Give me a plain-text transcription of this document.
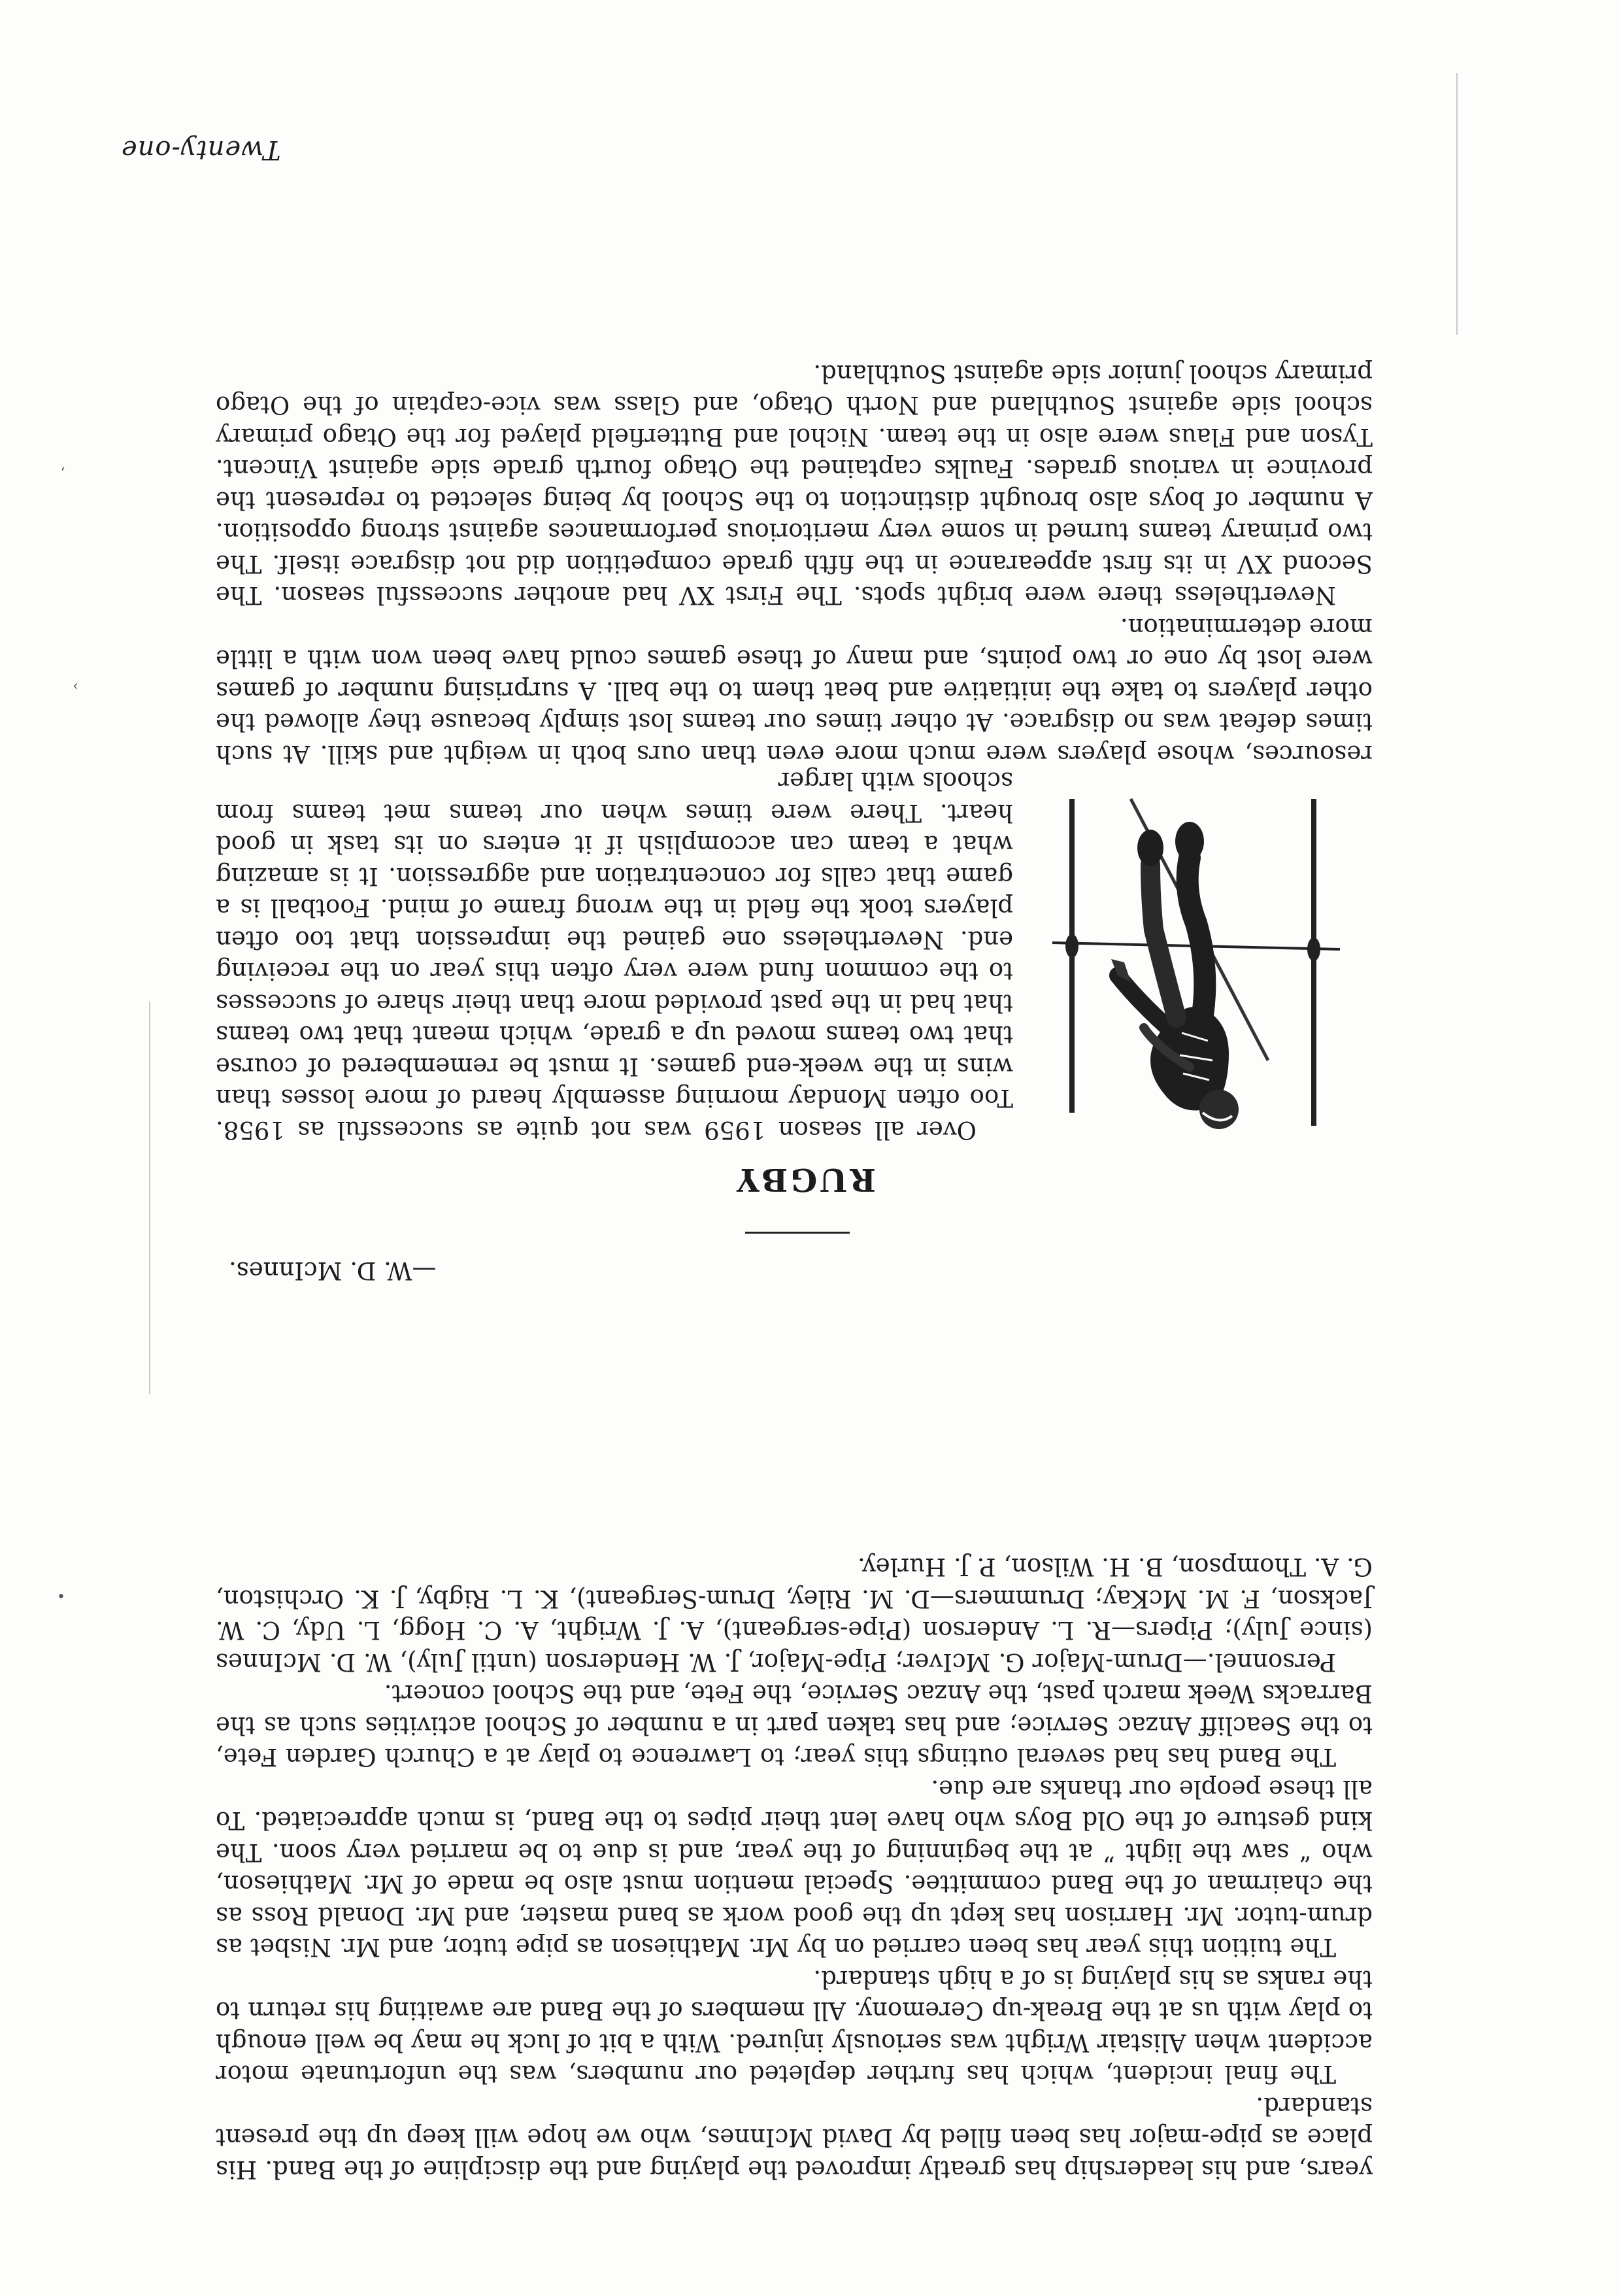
years, and his leadership has greatly improved the playing and the discipline of the Band. His place as pipe-major has been filled by David McInnes, who we hope will keep up the present standard.

The final incident, which has further depleted our numbers, was the unfortunate motor accident when Alistair Wright was seriously injured. With a bit of luck he may be well enough to play with us at the Break-up Ceremony. All members of the Band are awaiting his return to the ranks as his playing is of a high standard.

The tuition this year has been carried on by Mr. Mathieson as pipe tutor, and Mr. Nisbet as drum-tutor. Mr. Harrison has kept up the good work as band master, and Mr. Donald Ross as the chairman of the Band committee. Special mention must also be made of Mr. Mathieson, who “ saw the light ” at the beginning of the year, and is due to be married very soon. The kind gesture of the Old Boys who have lent their pipes to the Band, is much appreciated. To all these people our thanks are due.

The Band has had several outings this year; to Lawrence to play at a Church Garden Fete, to the Seacliff Anzac Service; and has taken part in a number of School activities such as the Barracks Week march past, the Anzac Service, the Fete, and the School concert.

Personnel.—Drum-Major G. McIver; Pipe-Major, J. W. Henderson (until July), W. D. McInnes (since July); Pipers—R. L. Anderson (Pipe-sergeant), A. J. Wright, A. C. Hogg, L. Udy, C. W. Jackson, F. M. McKay; Drummers—D. M. Riley, Drum-Sergeant), K. L. Rigby, J. K. Orchiston, G. A. Thompson, B. H. Wilson, P. J. Hurley.

—W. D. McInnes.
RUGBY

Over all season 1959 was not quite as successful as 1958. Too often Monday morning assembly heard of more losses than wins in the week-end games. It must be remembered of course that two teams moved up a grade, which meant that two teams that had in the past provided more than their share of successes to the common fund were very often this year on the receiving end. Nevertheless one gained the impression that too often players took the field in the wrong frame of mind. Football is a game that calls for concentration and aggression. It is amazing what a team can accomplish if it enters on its task in good heart. There were times when our teams met teams from schools with larger

resources, whose players were much more even than ours both in weight and skill. At such times defeat was no disgrace. At other times our teams lost simply because they allowed the other players to take the initiative and beat them to the ball. A surprising number of games were lost by one or two points, and many of these games could have been won with a little more determination.

Nevertheless there were bright spots. The First XV had another successful season. The Second XV in its first appearance in the fifth grade competition did not disgrace itself. The two primary teams turned in some very meritorious performances against strong opposition. A number of boys also brought distinction to the School by being selected to represent the province in various grades. Faulks captained the Otago fourth grade side against Vincent. Tyson and Flaus were also in the team. Nichol and Butterfield played for the Otago primary school side against Southland and North Otago, and Glass was vice-captain of the Otago primary school junior side against Southland.

Twenty-one
›
’
•
